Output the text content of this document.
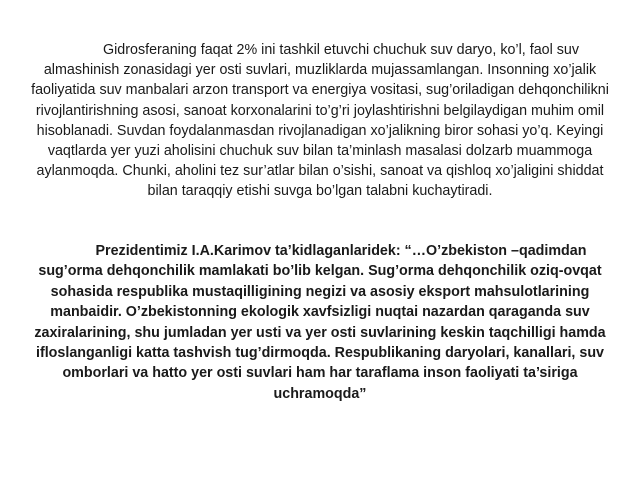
Gidrosferaning faqat 2% ini tashkil etuvchi chuchuk suv daryo, ko’l, faol suv almashinish zonasidagi yer osti suvlari, muzliklarda mujassamlangan. Insonning xo’jalik faoliyatida suv manbalari arzon transport va energiya vositasi, sug’oriladigan dehqonchilikni rivojlantirishning asosi, sanoat korxonalarini to’g’ri joylashtirishni belgilaydigan muhim omil hisoblanadi. Suvdan foydalanmasdan rivojlanadigan xo’jalikning biror sohasi yo’q. Keyingi vaqtlarda yer yuzi aholisini chuchuk suv bilan ta’minlash masalasi dolzarb muammoga aylanmoqda. Chunki, aholini tez sur’atlar bilan o’sishi, sanoat va qishloq xo’jaligini shiddat bilan taraqqiy etishi suvga bo’lgan talabni kuchaytiradi.

Prezidentimiz I.A.Karimov ta’kidlaganlaridek: “…O’zbekiston –qadimdan sug’orma dehqonchilik mamlakati bo’lib kelgan. Sug’orma dehqonchilik oziq-ovqat sohasida respublika mustaqilligining negizi va asosiy eksport mahsulotlarining manbaidir. O’zbekistonning ekologik xavfsizligi nuqtai nazardan qaraganda suv zaxiralarining, shu jumladan yer usti va yer osti suvlarining keskin taqchilligi hamda ifloslanganligi katta tashvish tug’dirmoqda. Respublikaning daryolari, kanallari, suv omborlari va hatto yer osti suvlari ham har taraflama inson faoliyati ta’siriga uchramoqda”
